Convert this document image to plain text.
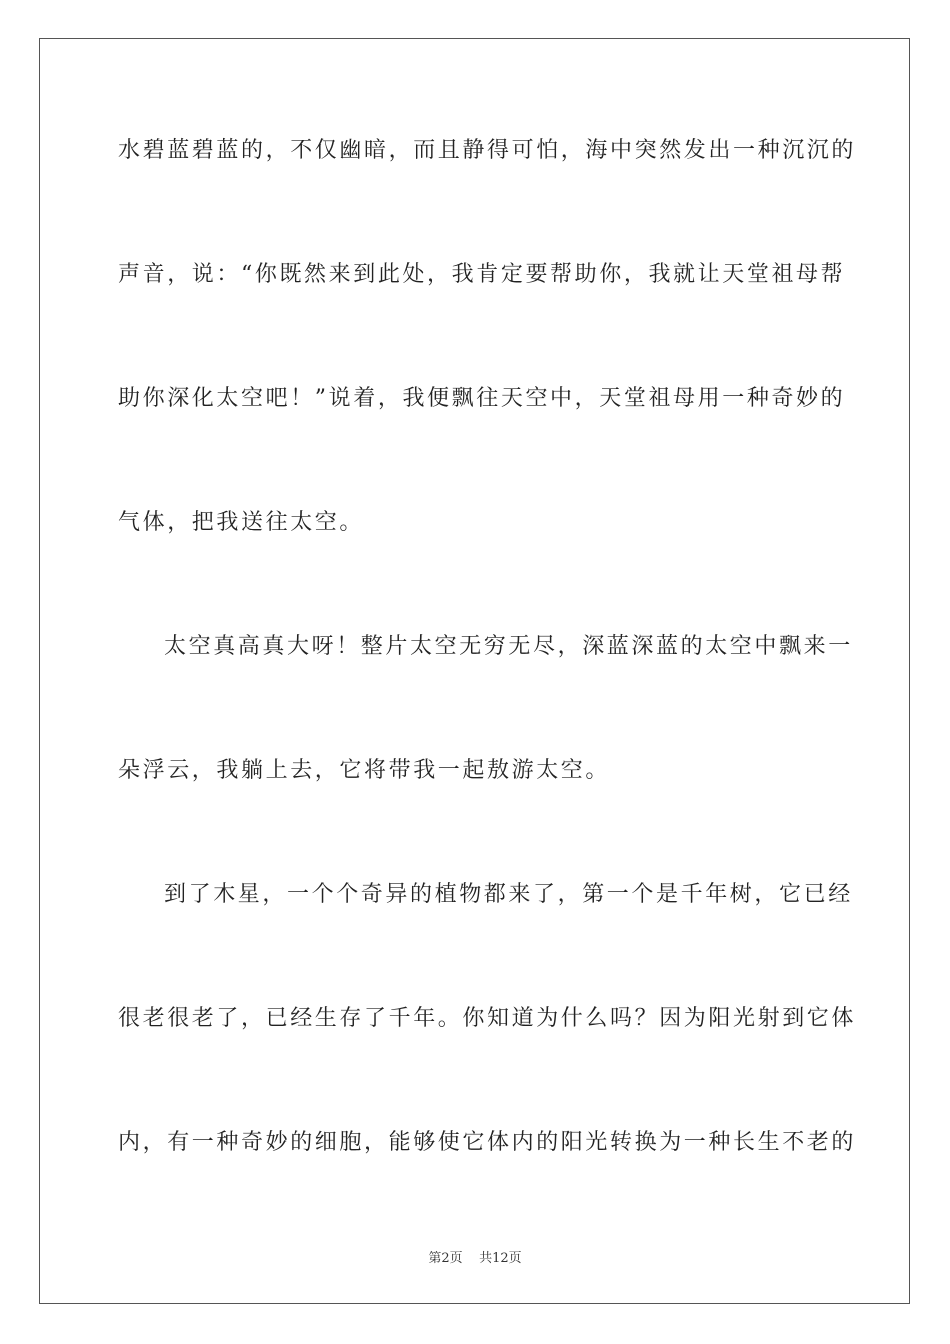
水碧蓝碧蓝的，不仅幽暗，而且静得可怕，海中突然发出一种沉沉的
声音，说：“你既然来到此处，我肯定要帮助你，我就让天堂祖母帮
助你深化太空吧！”说着，我便飘往天空中，天堂祖母用一种奇妙的
气体，把我送往太空。
太空真高真大呀！整片太空无穷无尽，深蓝深蓝的太空中飘来一
朵浮云，我躺上去，它将带我一起敖游太空。
到了木星，一个个奇异的植物都来了，第一个是千年树，它已经
很老很老了，已经生存了千年。你知道为什么吗？因为阳光射到它体
内，有一种奇妙的细胞，能够使它体内的阳光转换为一种长生不老的
第2页 共12页
